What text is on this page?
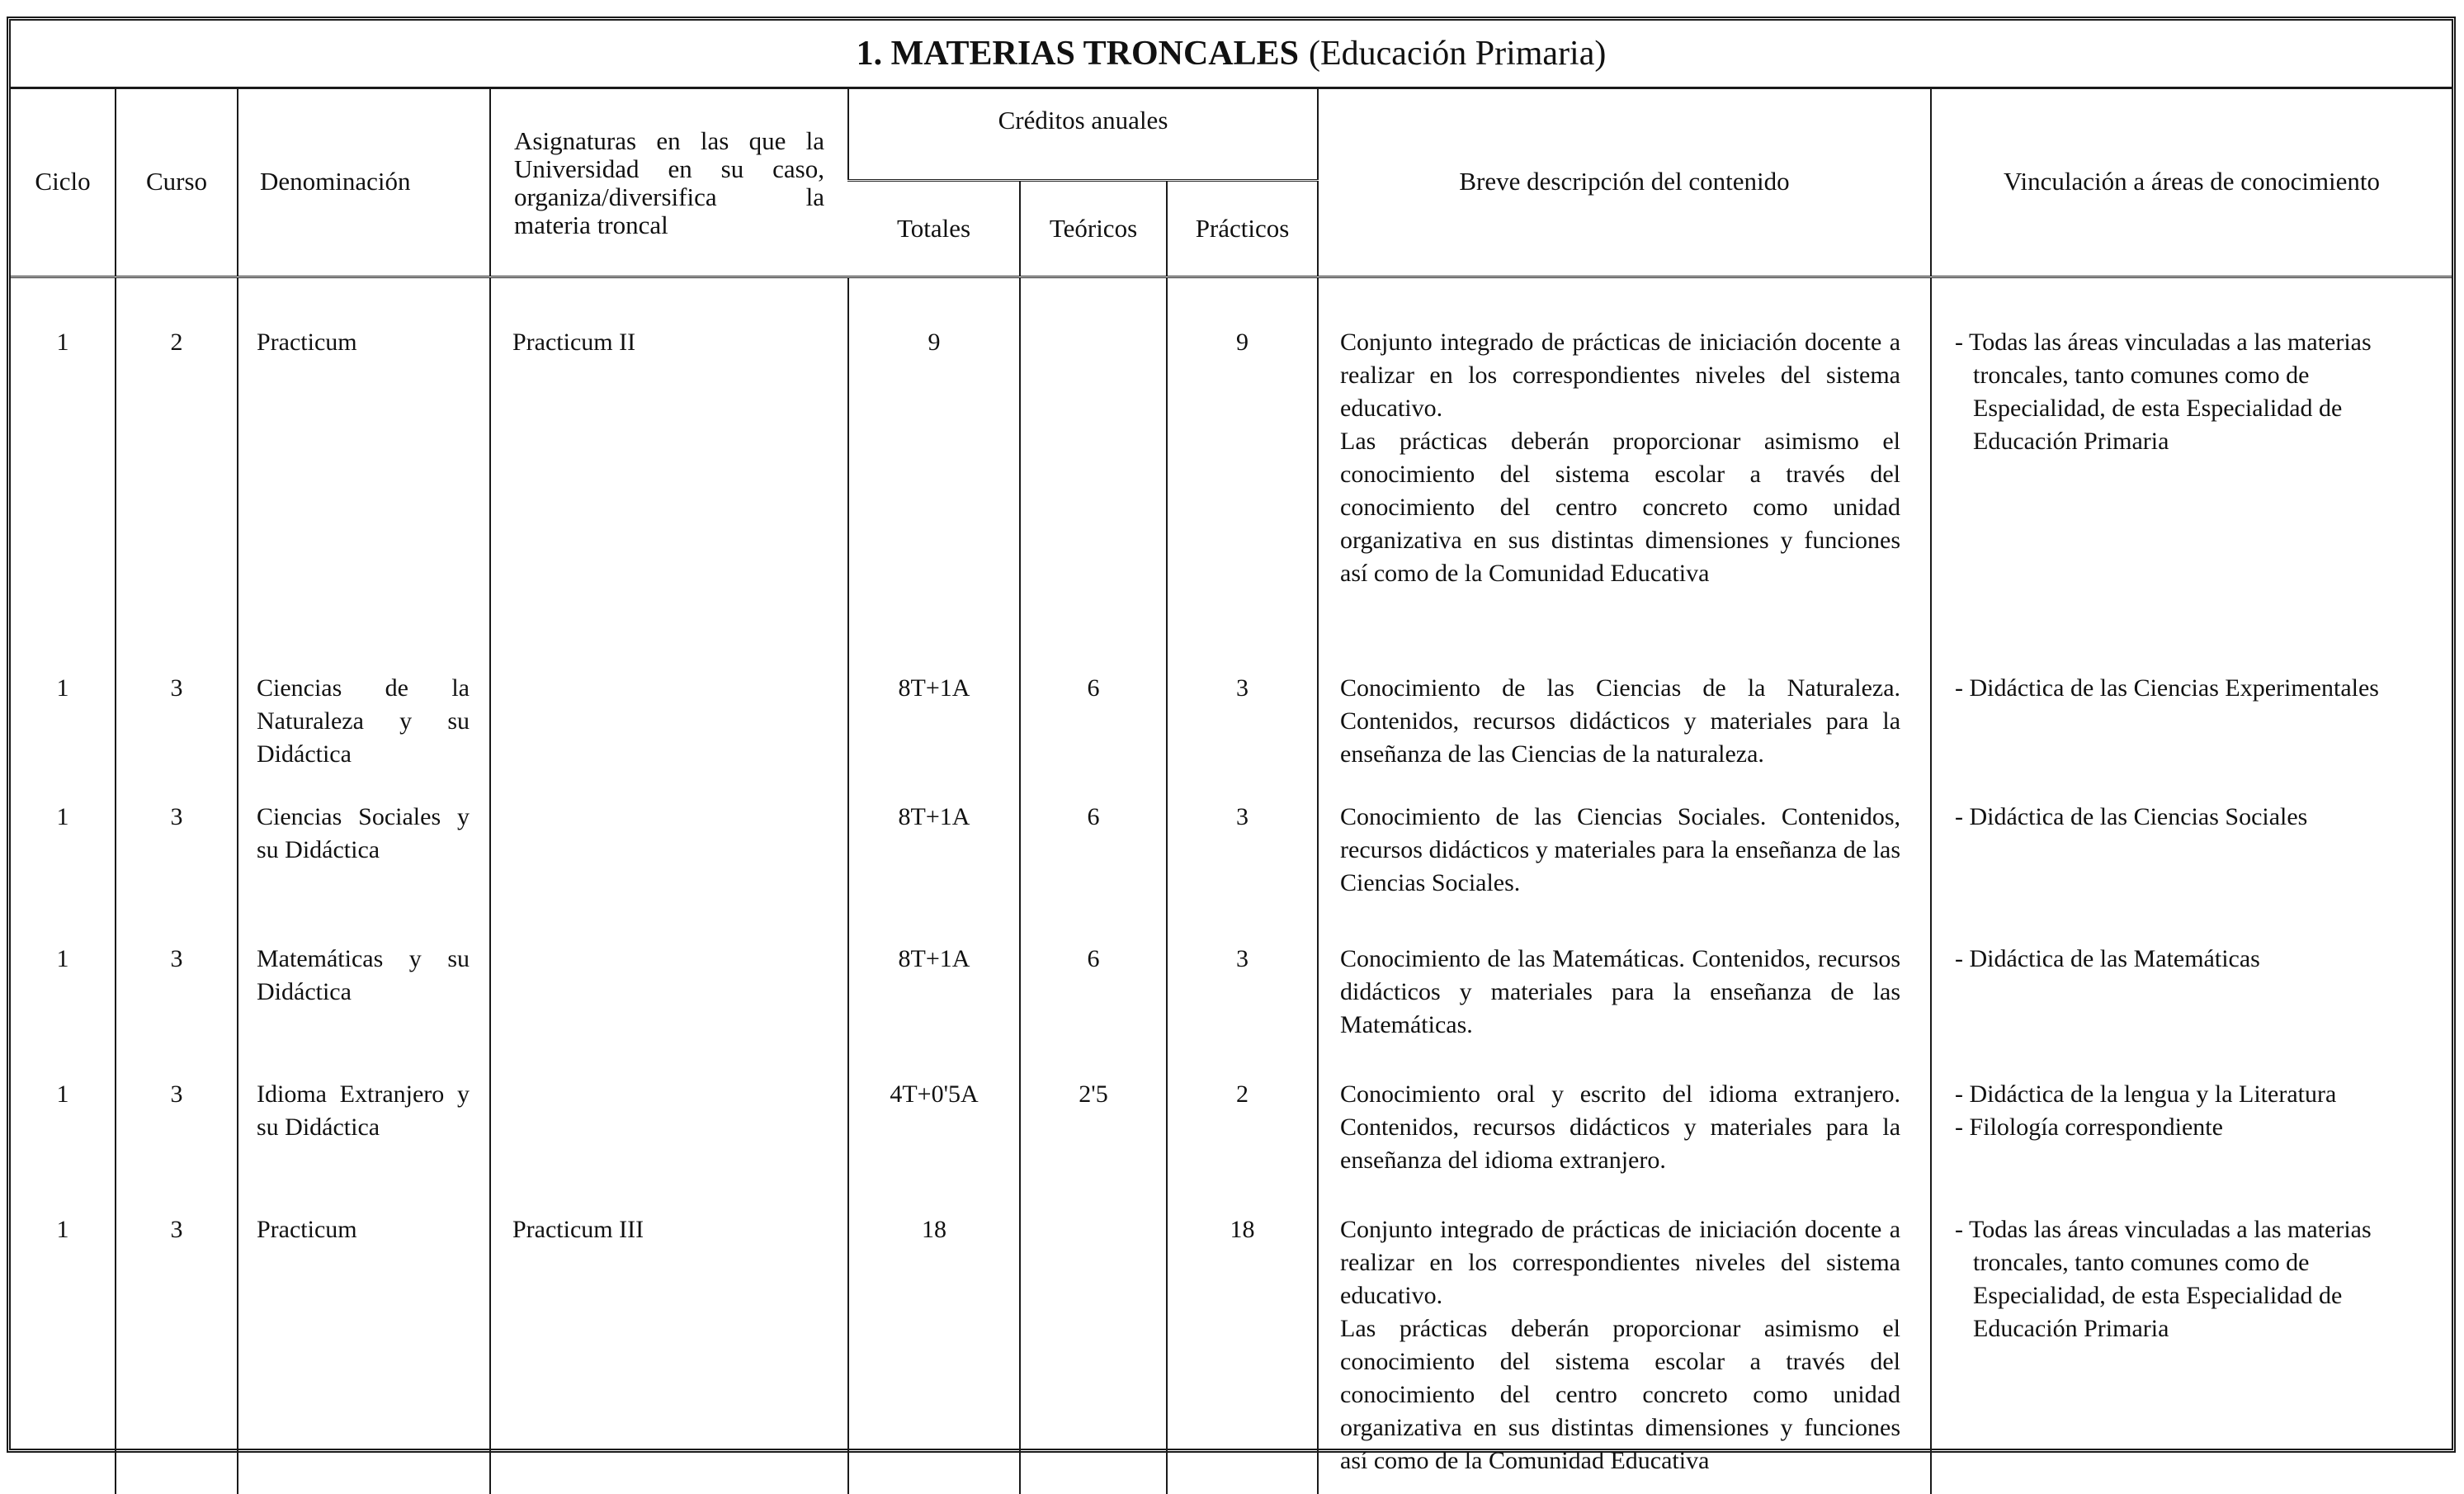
1. MATERIAS TRONCALES (Educación Primaria)
Ciclo	Curso	Denominación	Asignaturas en las que la Universidad en su caso, organiza/diversifica la materia troncal	Créditos anuales			Breve descripción del contenido	Vinculación a áreas de conocimiento
				Totales	Teóricos	Prácticos		
1	2	Practicum	Practicum II	9		9	Conjunto integrado de prácticas de iniciación docente a realizar en los correspondientes niveles del sistema educativo.
Las prácticas deberán proporcionar asimismo el conocimiento del sistema escolar a través del conocimiento del centro concreto como unidad organizativa en sus distintas dimensiones y funciones así como de la Comunidad Educativa	- Todas las áreas vinculadas a las materias troncales, tanto comunes como de Especialidad, de esta Especialidad de Educación Primaria

1	3	Ciencias de la Naturaleza y su Didáctica		8T+1A	6	3	Conocimiento de las Ciencias de la Naturaleza. Contenidos, recursos didácticos y materiales para la enseñanza de las Ciencias de la naturaleza.	- Didáctica de las Ciencias Experimentales

1	3	Ciencias Sociales y su Didáctica		8T+1A	6	3	Conocimiento de las Ciencias Sociales. Contenidos, recursos didácticos y materiales para la enseñanza de las Ciencias Sociales.	- Didáctica de las Ciencias Sociales

1	3	Matemáticas y su Didáctica		8T+1A	6	3	Conocimiento de las Matemáticas. Contenidos, recursos didácticos y materiales para la enseñanza de las Matemáticas.	- Didáctica de las Matemáticas

1	3	Idioma Extranjero y su Didáctica		4T+0'5A	2'5	2	Conocimiento oral y escrito del idioma extranjero. Contenidos, recursos didácticos y materiales para la enseñanza del idioma extranjero.	- Didáctica de la lengua y la Literatura
- Filología correspondiente

1	3	Practicum	Practicum III	18		18	Conjunto integrado de prácticas de iniciación docente a realizar en los correspondientes niveles del sistema educativo.
Las prácticas deberán proporcionar asimismo el conocimiento del sistema escolar a través del conocimiento del centro concreto como unidad organizativa en sus distintas dimensiones y funciones así como de la Comunidad Educativa	- Todas las áreas vinculadas a las materias troncales, tanto comunes como de Especialidad, de esta Especialidad de Educación Primaria
